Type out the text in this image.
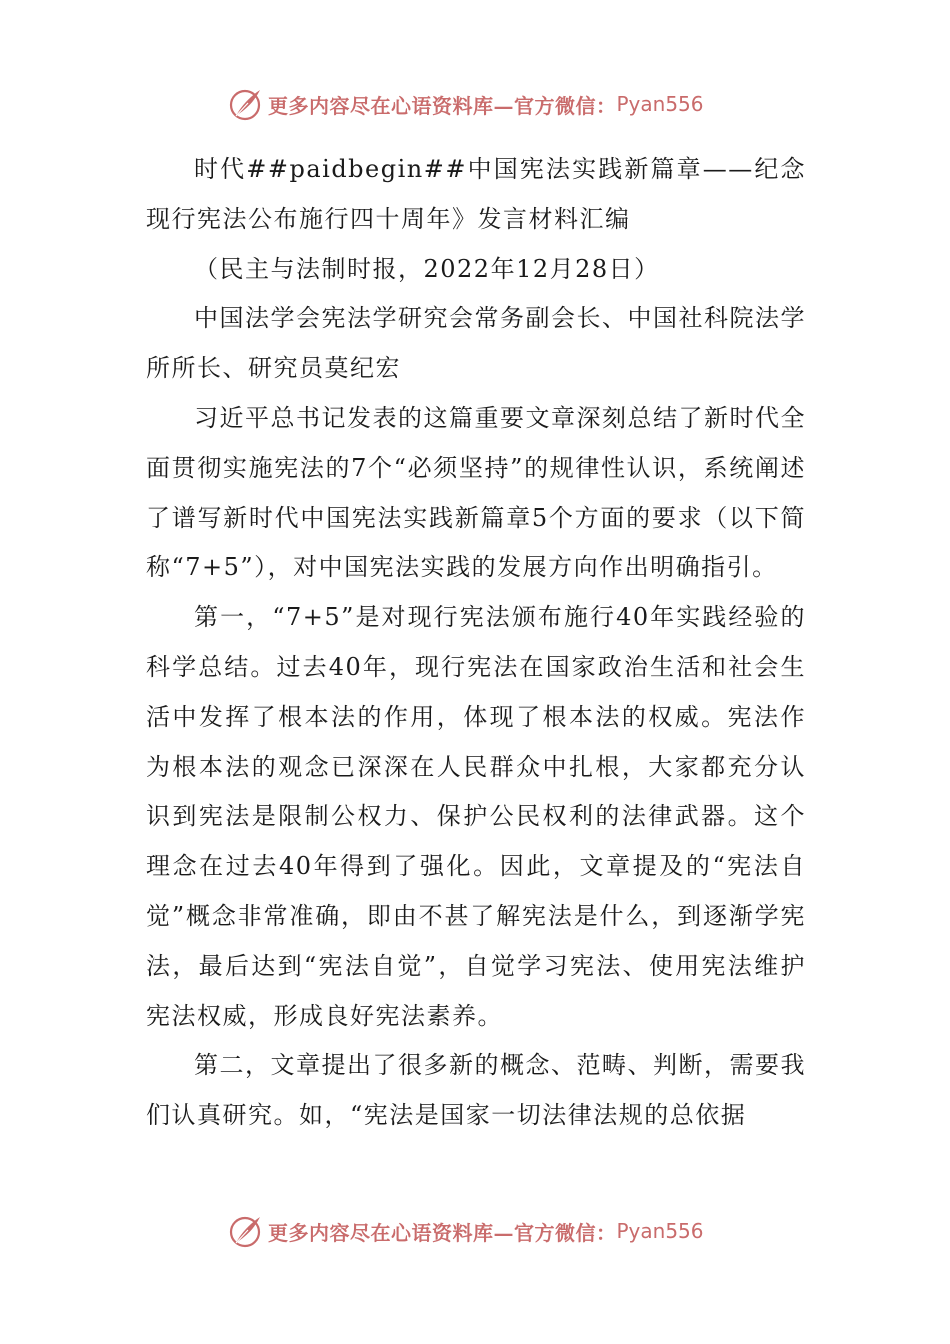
更多内容尽在心语资料库—官方微信： Pyan556

时代##paidbegin##中国宪法实践新篇章——纪念现行宪法公布施行四十周年》发言材料汇编

（民主与法制时报，2022年12月28日）

中国法学会宪法学研究会常务副会长、中国社科院法学所所长、研究员莫纪宏

习近平总书记发表的这篇重要文章深刻总结了新时代全面贯彻实施宪法的7个“必须坚持”的规律性认识，系统阐述了谱写新时代中国宪法实践新篇章5个方面的要求（以下简称“7+5”），对中国宪法实践的发展方向作出明确指引。

第一，“7+5”是对现行宪法颁布施行40年实践经验的科学总结。过去40年，现行宪法在国家政治生活和社会生活中发挥了根本法的作用，体现了根本法的权威。宪法作为根本法的观念已深深在人民群众中扎根，大家都充分认识到宪法是限制公权力、保护公民权利的法律武器。这个理念在过去40年得到了强化。因此，文章提及的“宪法自觉”概念非常准确，即由不甚了解宪法是什么，到逐渐学宪法，最后达到“宪法自觉”，自觉学习宪法、使用宪法维护宪法权威，形成良好宪法素养。

第二，文章提出了很多新的概念、范畴、判断，需要我们认真研究。如，“宪法是国家一切法律法规的总依据

更多内容尽在心语资料库—官方微信： Pyan556
